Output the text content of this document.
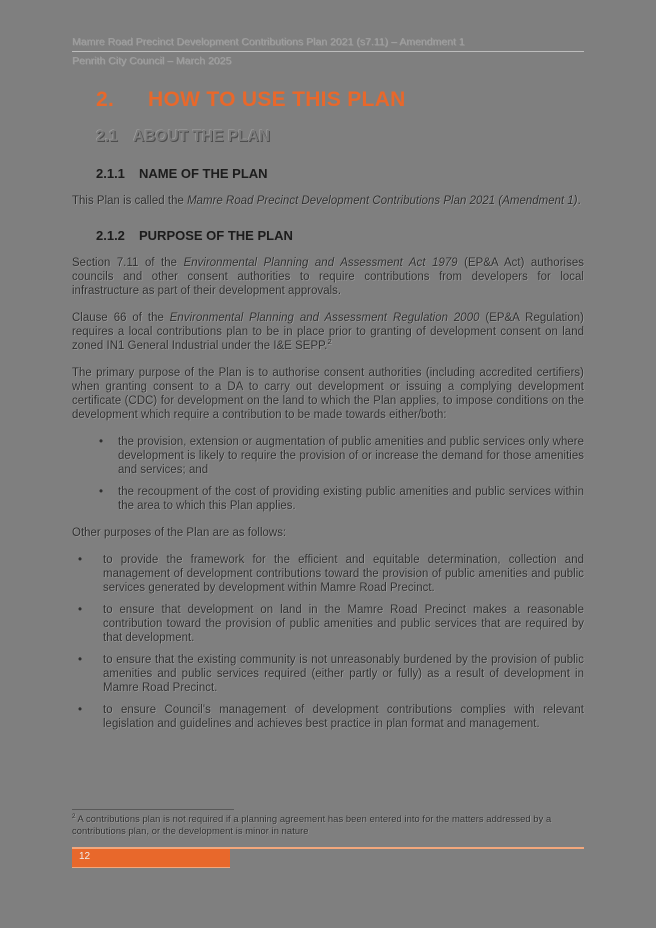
Mamre Road Precinct Development Contributions Plan 2021 (s7.11) – Amendment 1
Penrith City Council – March 2025
2.	HOW TO USE THIS PLAN
2.1 ABOUT THE PLAN
2.1.1	NAME OF THE PLAN

This Plan is called the Mamre Road Precinct Development Contributions Plan 2021 (Amendment 1).

2.1.2	PURPOSE OF THE PLAN

Section 7.11 of the Environmental Planning and Assessment Act 1979 (EP&A Act) authorises councils and other consent authorities to require contributions from developers for local infrastructure as part of their development approvals.

Clause 66 of the Environmental Planning and Assessment Regulation 2000 (EP&A Regulation) requires a local contributions plan to be in place prior to granting of development consent on land zoned IN1 General Industrial under the I&E SEPP.$^2$

The primary purpose of the Plan is to authorise consent authorities (including accredited certifiers) when granting consent to a DA to carry out development or issuing a complying development certificate (CDC) for development on the land to which the Plan applies, to impose conditions on the development which require a contribution to be made towards either/both:

•
the provision, extension or augmentation of public amenities and public services only where development is likely to require the provision of or increase the demand for those amenities and services; and
•
the recoupment of the cost of providing existing public amenities and public services within the area to which this Plan applies.

Other purposes of the Plan are as follows:

•
to provide the framework for the efficient and equitable determination, collection and management of development contributions toward the provision of public amenities and public services generated by development within Mamre Road Precinct.
•
to ensure that development on land in the Mamre Road Precinct makes a reasonable contribution toward the provision of public amenities and public services that are required by that development.
•
to ensure that the existing community is not unreasonably burdened by the provision of public amenities and public services required (either partly or fully) as a result of development in Mamre Road Precinct.
•
to ensure Council's management of development contributions complies with relevant legislation and guidelines and achieves best practice in plan format and management.
$^2$ A contributions plan is not required if a planning agreement has been entered into for the matters addressed by a contributions plan, or the development is minor in nature
12
